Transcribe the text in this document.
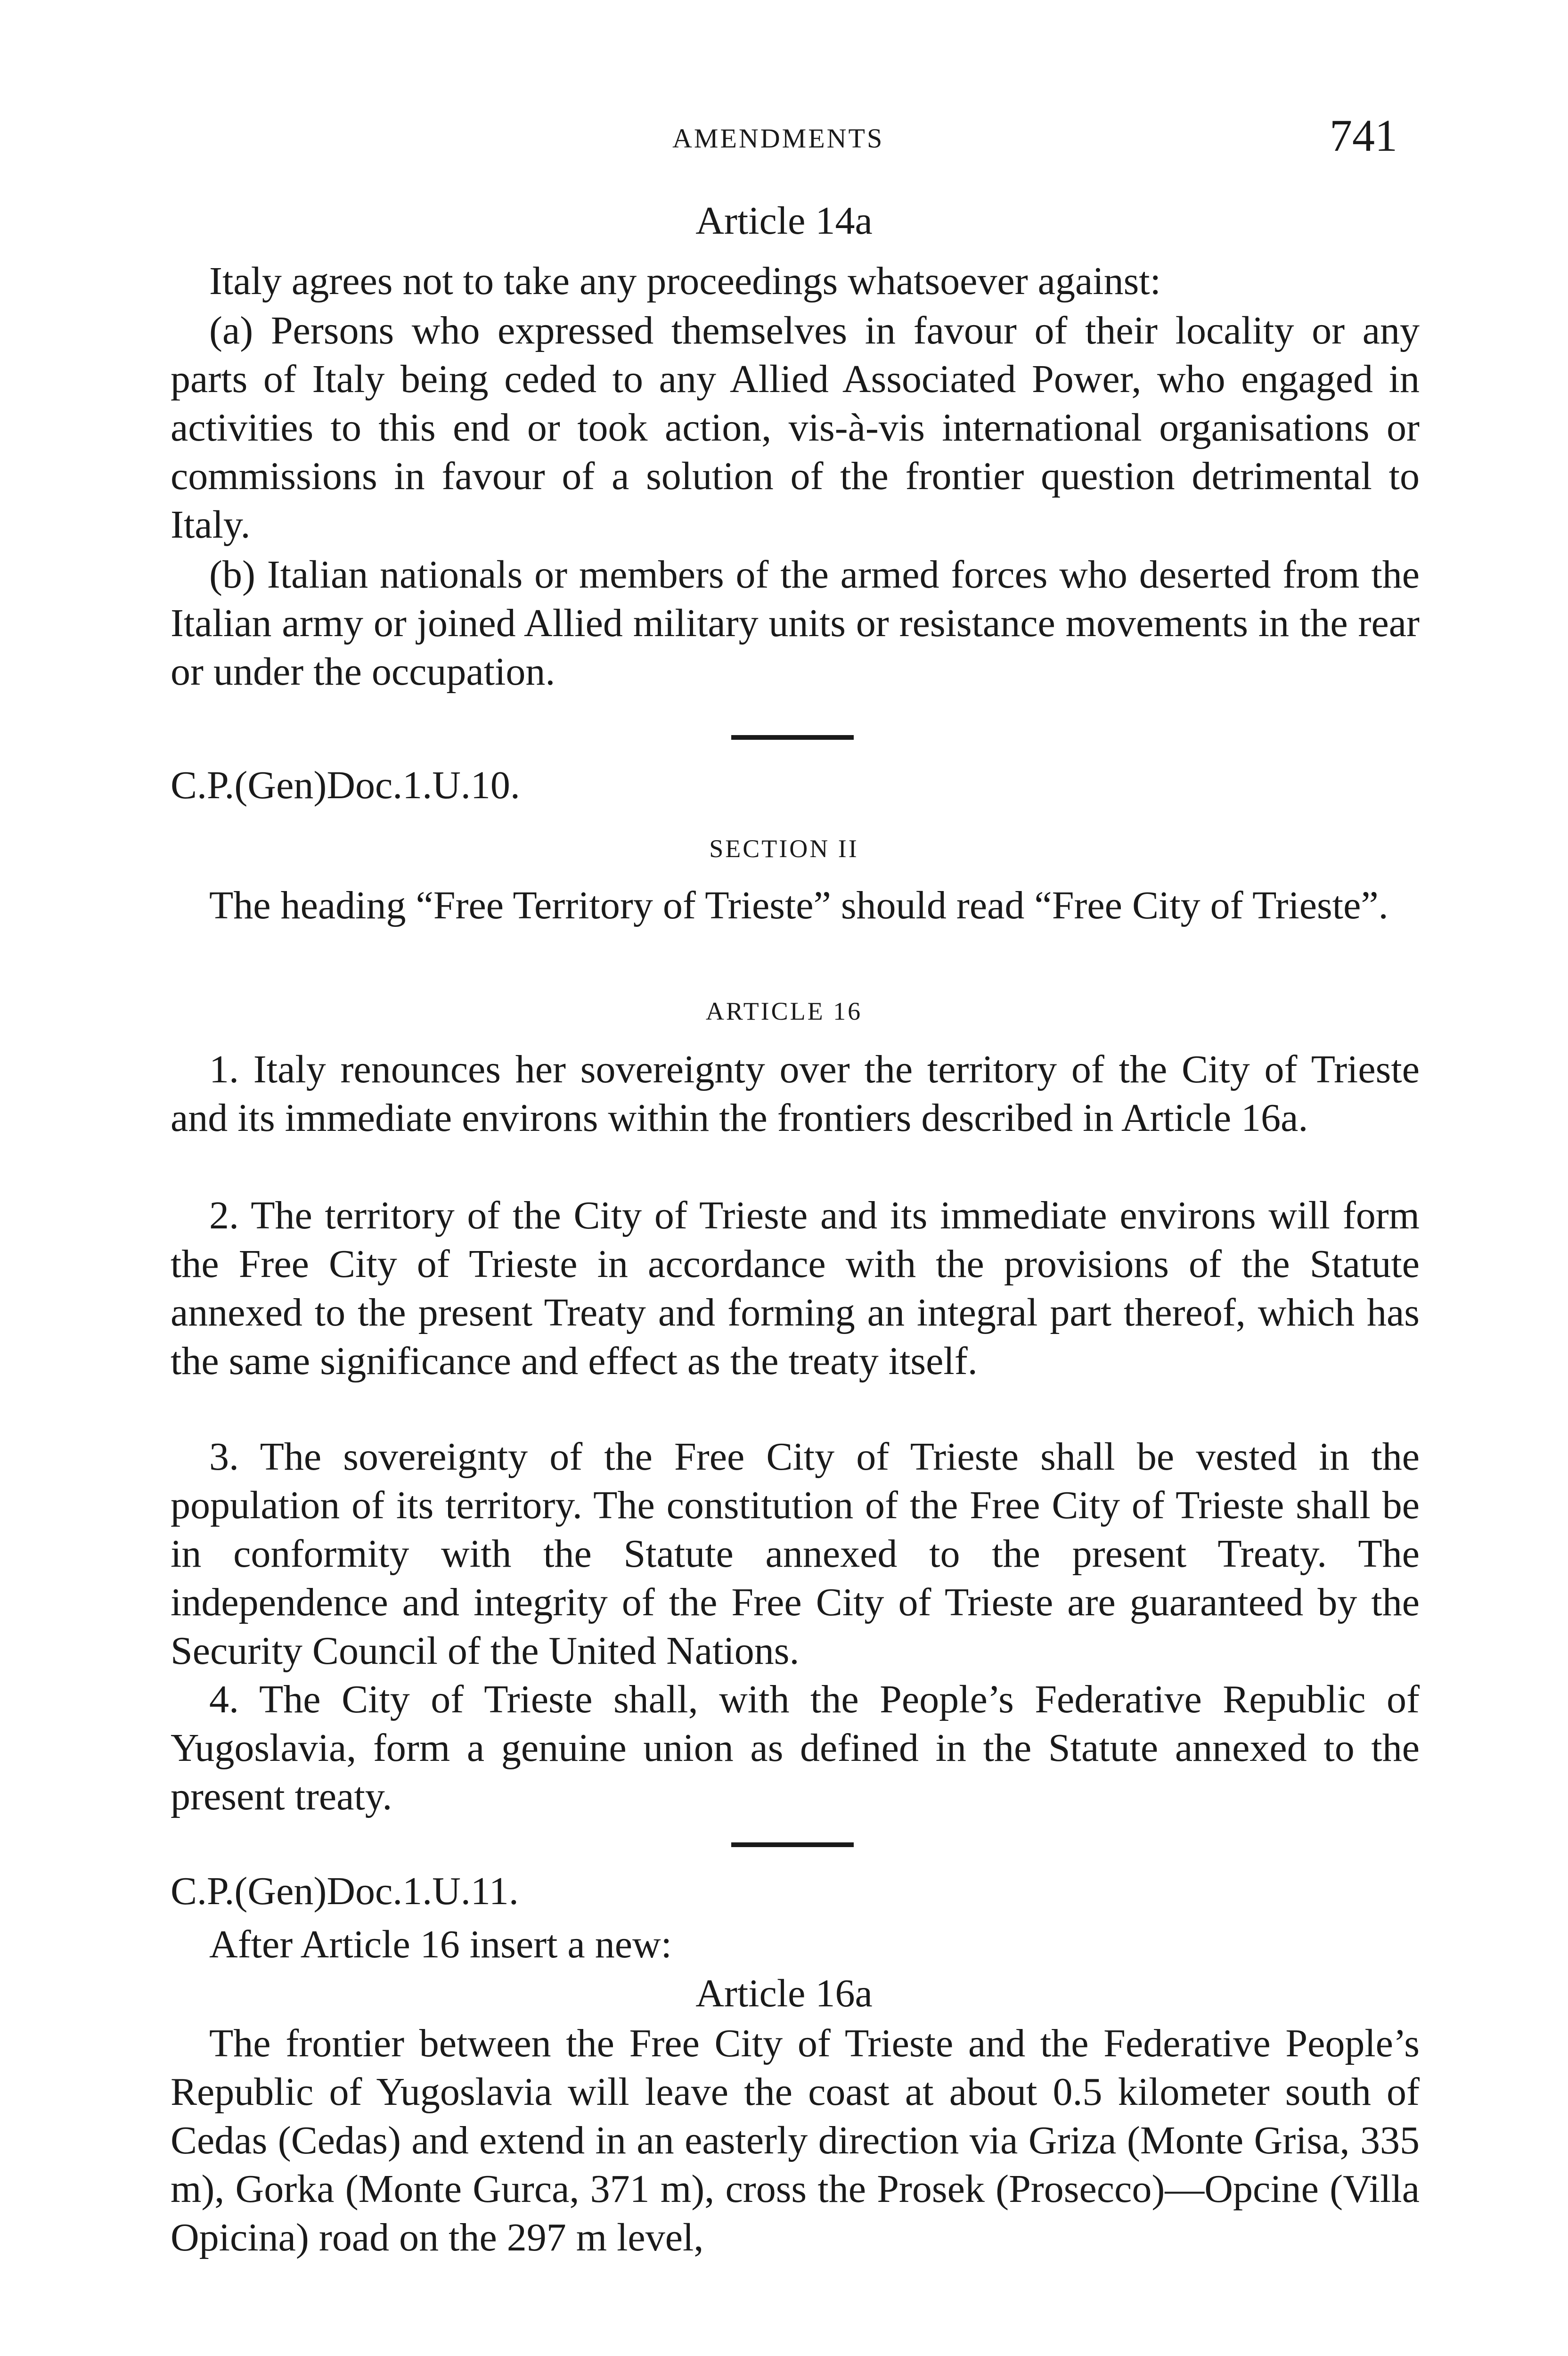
AMENDMENTS	741
Article 14a
Italy agrees not to take any proceedings whatsoever against:
(a) Persons who expressed themselves in favour of their locality or any parts of Italy being ceded to any Allied Associated Power, who engaged in activities to this end or took action, vis-à-vis international organisations or commissions in favour of a solution of the frontier question detrimental to Italy.
(b) Italian nationals or members of the armed forces who deserted from the Italian army or joined Allied military units or resistance movements in the rear or under the occupation.
C.P.(Gen)Doc.1.U.10.
SECTION II
The heading “Free Territory of Trieste” should read “Free City of Trieste”.
ARTICLE 16
1. Italy renounces her sovereignty over the territory of the City of Trieste and its immediate environs within the frontiers described in Article 16a.
2. The territory of the City of Trieste and its immediate environs will form the Free City of Trieste in accordance with the provisions of the Statute annexed to the present Treaty and forming an integral part thereof, which has the same significance and effect as the treaty itself.
3. The sovereignty of the Free City of Trieste shall be vested in the population of its territory. The constitution of the Free City of Trieste shall be in conformity with the Statute annexed to the present Treaty. The independence and integrity of the Free City of Trieste are guaranteed by the Security Council of the United Nations.
4. The City of Trieste shall, with the People’s Federative Republic of Yugoslavia, form a genuine union as defined in the Statute annexed to the present treaty.
C.P.(Gen)Doc.1.U.11.
After Article 16 insert a new:
Article 16a
The frontier between the Free City of Trieste and the Federative People’s Republic of Yugoslavia will leave the coast at about 0.5 kilometer south of Cedas (Cedas) and extend in an easterly direction via Griza (Monte Grisa, 335 m), Gorka (Monte Gurca, 371 m), cross the Prosek (Prosecco)—Opcine (Villa Opicina) road on the 297 m level,
